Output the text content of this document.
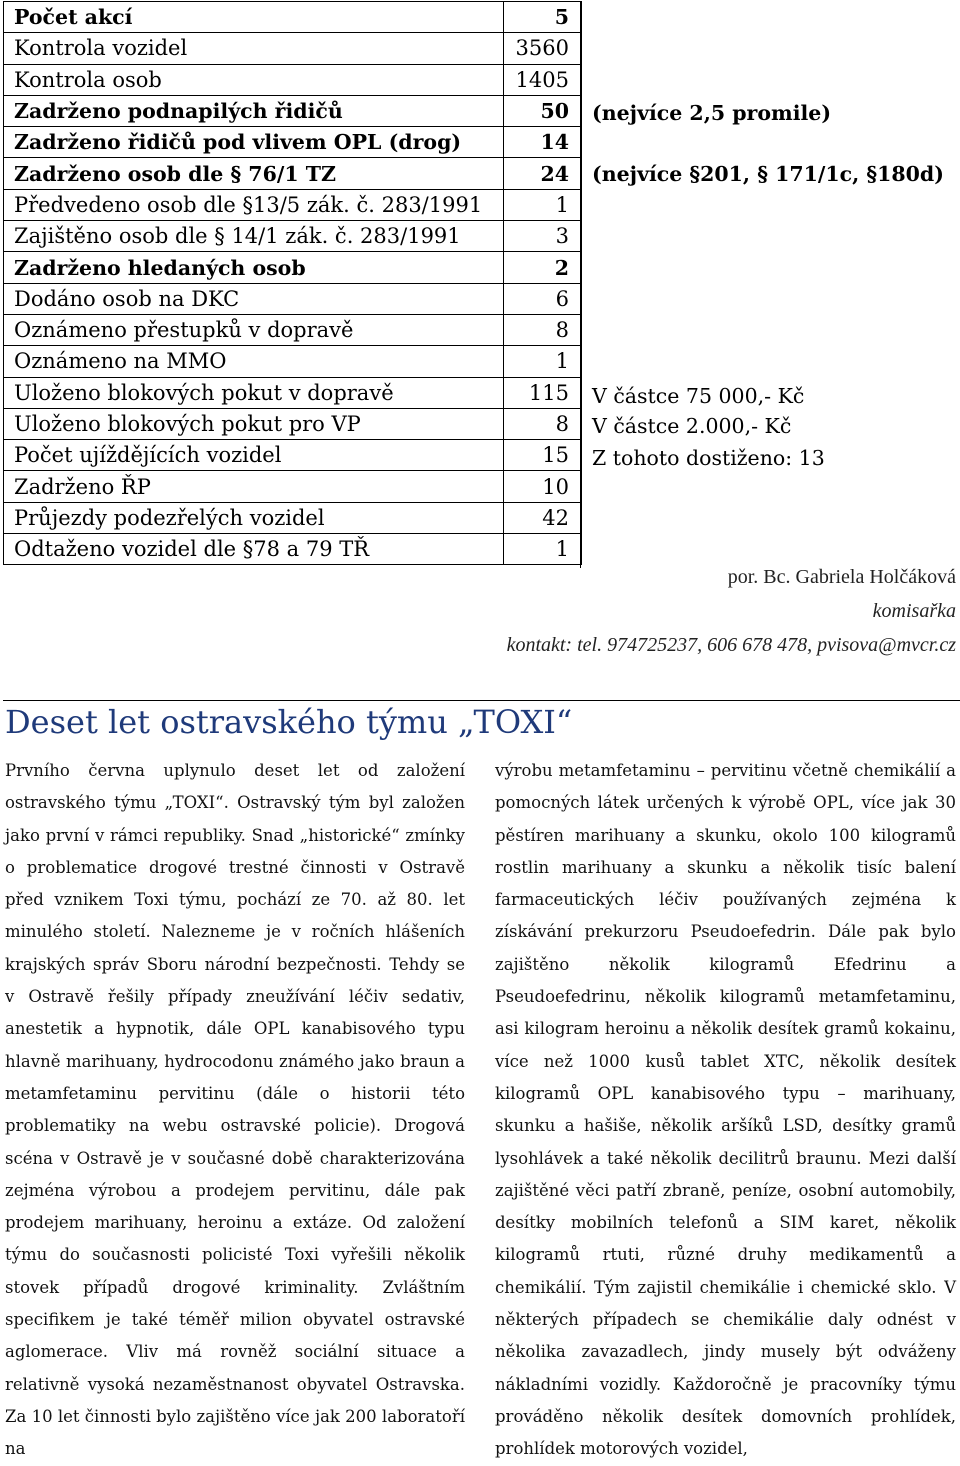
Počet akcí	5
Kontrola vozidel	3560
Kontrola osob	1405
Zadrženo podnapilých řidičů	50
Zadrženo řidičů pod vlivem OPL (drog)	14
Zadrženo osob dle § 76/1 TZ	24
Předvedeno osob dle §13/5 zák. č. 283/1991	1
Zajištěno osob dle § 14/1 zák. č. 283/1991	3
Zadrženo hledaných osob	2
Dodáno osob na DKC	6
Oznámeno přestupků v dopravě	8
Oznámeno na MMO	1
Uloženo blokových pokut v dopravě	115
Uloženo blokových pokut pro VP	8
Počet ujíždějících vozidel	15
Zadrženo ŘP	10
Průjezdy podezřelých vozidel	42
Odtaženo vozidel dle §78 a 79 TŘ	1
(nejvíce 2,5 promile)
(nejvíce §201, § 171/1c, §180d)
V částce 75 000,- Kč
V částce 2.000,- Kč
Z tohoto dostiženo: 13
por. Bc. Gabriela Holčáková
komisařka
kontakt: tel. 974725237, 606 678 478, pvisova@mvcr.cz
Deset let ostravského týmu „TOXI“
Prvního června uplynulo deset let od založení ostravského týmu „TOXI“. Ostravský tým byl založen jako první v rámci republiky. Snad „historické“ zmínky o problematice drogové trestné činnosti v Ostravě před vznikem Toxi týmu, pochází ze 70. až 80. let minulého století. Nalezneme je v ročních hlášeních krajských správ Sboru národní bezpečnosti. Tehdy se v Ostravě řešily případy zneužívání léčiv sedativ, anestetik a hypnotik, dále OPL kanabisového typu hlavně marihuany, hydrocodonu známého jako braun a metamfetaminu pervitinu (dále o historii této problematiky na webu ostravské policie). Drogová scéna v Ostravě je v současné době charakterizována zejména výrobou a prodejem pervitinu, dále pak prodejem marihuany, heroinu a extáze. Od založení týmu do současnosti policisté Toxi vyřešili několik stovek případů drogové kriminality. Zvláštním specifikem je také téměř milion obyvatel ostravské aglomerace. Vliv má rovněž sociální situace a relativně vysoká nezaměstnanost obyvatel Ostravska. Za 10 let činnosti bylo zajištěno více jak 200 laboratoří na
výrobu metamfetaminu – pervitinu včetně chemikálií a pomocných látek určených k výrobě OPL, více jak 30 pěstíren marihuany a skunku, okolo 100 kilogramů rostlin marihuany a skunku a několik tisíc balení farmaceutických léčiv používaných zejména k získávání prekurzoru Pseudoefedrin. Dále pak bylo zajištěno několik kilogramů Efedrinu a Pseudoefedrinu, několik kilogramů metamfetaminu, asi kilogram heroinu a několik desítek gramů kokainu, více než 1000 kusů tablet XTC, několik desítek kilogramů OPL kanabisového typu – marihuany, skunku a hašiše, několik aršíků LSD, desítky gramů lysohlávek a také několik decilitrů braunu. Mezi další zajištěné věci patří zbraně, peníze, osobní automobily, desítky mobilních telefonů a SIM karet, několik kilogramů rtuti, různé druhy medikamentů a chemikálií. Tým zajistil chemikálie i chemické sklo. V některých případech se chemikálie daly odnést v několika zavazadlech, jindy musely být odváženy nákladními vozidly. Každoročně je pracovníky týmu prováděno několik desítek domovních prohlídek, prohlídek motorových vozidel,
